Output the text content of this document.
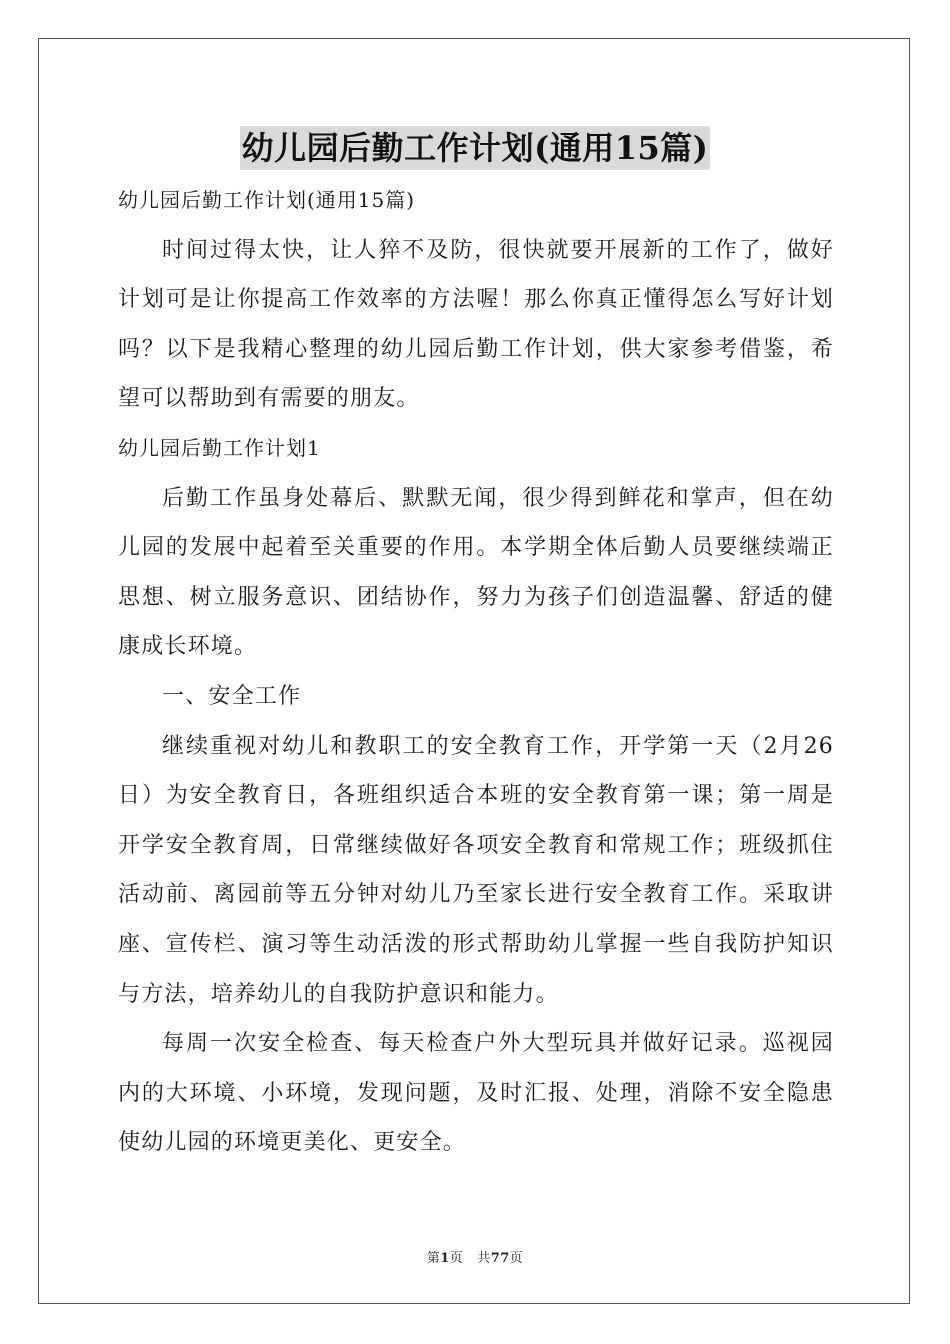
幼儿园后勤工作计划(通用15篇)

幼儿园后勤工作计划(通用15篇)

时间过得太快，让人猝不及防，很快就要开展新的工作了，做好计划可是让你提高工作效率的方法喔！那么你真正懂得怎么写好计划吗？以下是我精心整理的幼儿园后勤工作计划，供大家参考借鉴，希望可以帮助到有需要的朋友。

幼儿园后勤工作计划1

后勤工作虽身处幕后、默默无闻，很少得到鲜花和掌声，但在幼儿园的发展中起着至关重要的作用。本学期全体后勤人员要继续端正思想、树立服务意识、团结协作，努力为孩子们创造温馨、舒适的健康成长环境。

一、安全工作

继续重视对幼儿和教职工的安全教育工作，开学第一天（2月26日）为安全教育日，各班组织适合本班的安全教育第一课；第一周是开学安全教育周，日常继续做好各项安全教育和常规工作；班级抓住活动前、离园前等五分钟对幼儿乃至家长进行安全教育工作。采取讲座、宣传栏、演习等生动活泼的形式帮助幼儿掌握一些自我防护知识与方法，培养幼儿的自我防护意识和能力。

每周一次安全检查、每天检查户外大型玩具并做好记录。巡视园内的大环境、小环境，发现问题，及时汇报、处理，消除不安全隐患使幼儿园的环境更美化、更安全。

第1页 共77页
